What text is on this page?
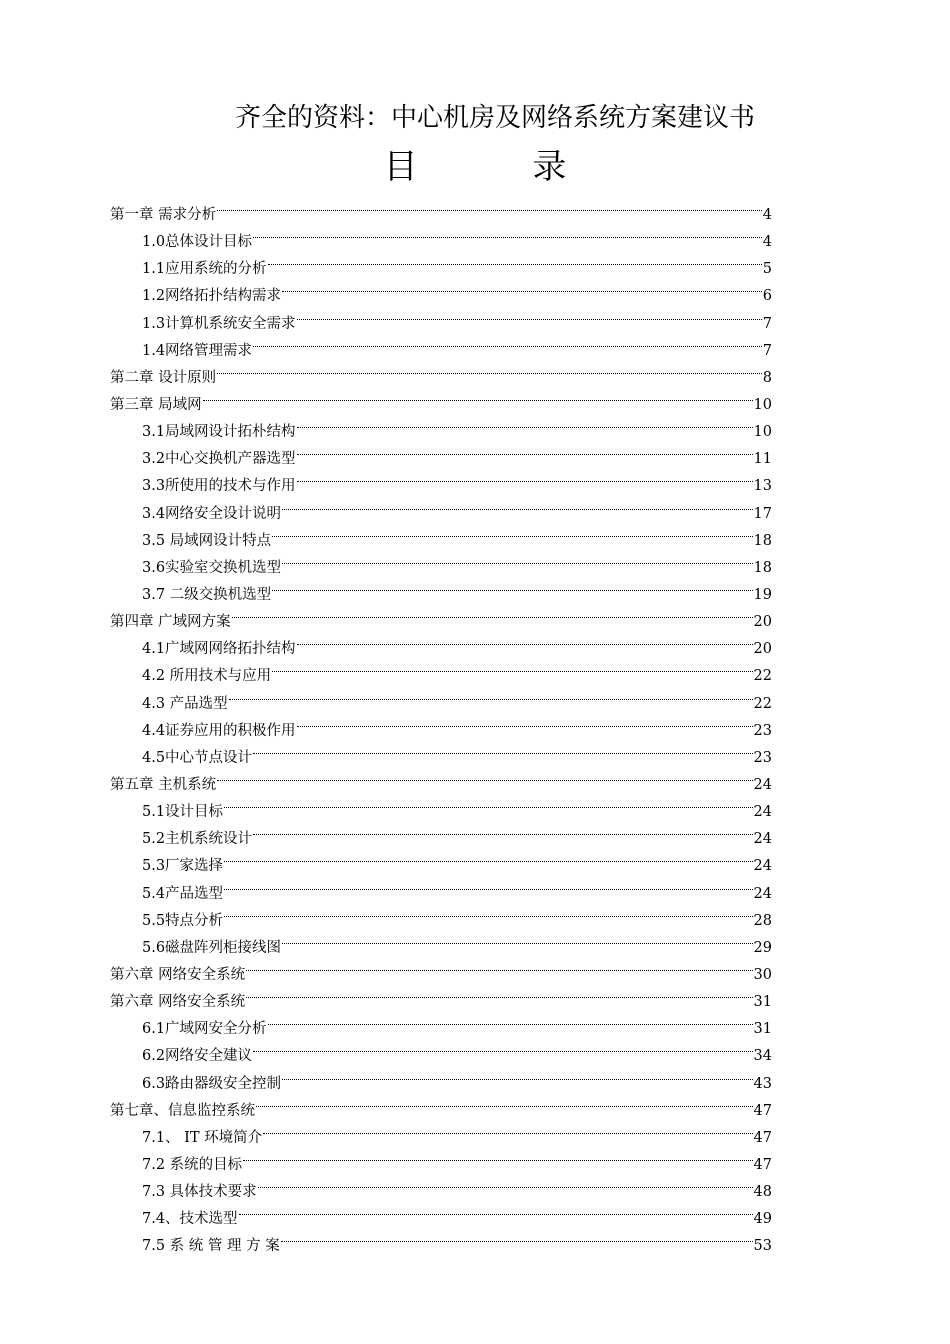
齐全的资料：中心机房及网络系统方案建议书
目 录
第一章 需求分析	4
1.0总体设计目标	4
1.1应用系统的分析	5
1.2网络拓扑结构需求	6
1.3计算机系统安全需求	7
1.4网络管理需求	7
第二章 设计原则	8
第三章 局域网	10
3.1局域网设计拓朴结构	10
3.2中心交换机产器选型	11
3.3所使用的技术与作用	13
3.4网络安全设计说明	17
3.5 局域网设计特点	18
3.6实验室交换机选型	18
3.7 二级交换机选型	19
第四章 广域网方案	20
4.1广域网网络拓扑结构	20
4.2 所用技术与应用	22
4.3 产品选型	22
4.4证券应用的积极作用	23
4.5中心节点设计	23
第五章 主机系统	24
5.1设计目标	24
5.2主机系统设计	24
5.3厂家选择	24
5.4产品选型	24
5.5特点分析	28
5.6磁盘阵列柜接线图	29
第六章 网络安全系统	30
第六章 网络安全系统	31
6.1广域网安全分析	31
6.2网络安全建议	34
6.3路由器级安全控制	43
第七章、信息监控系统	47
7.1、 IT 环境简介	47
7.2 系统的目标	47
7.3 具体技术要求	48
7.4、技术选型	49
7.5 系 统 管 理 方 案	53
